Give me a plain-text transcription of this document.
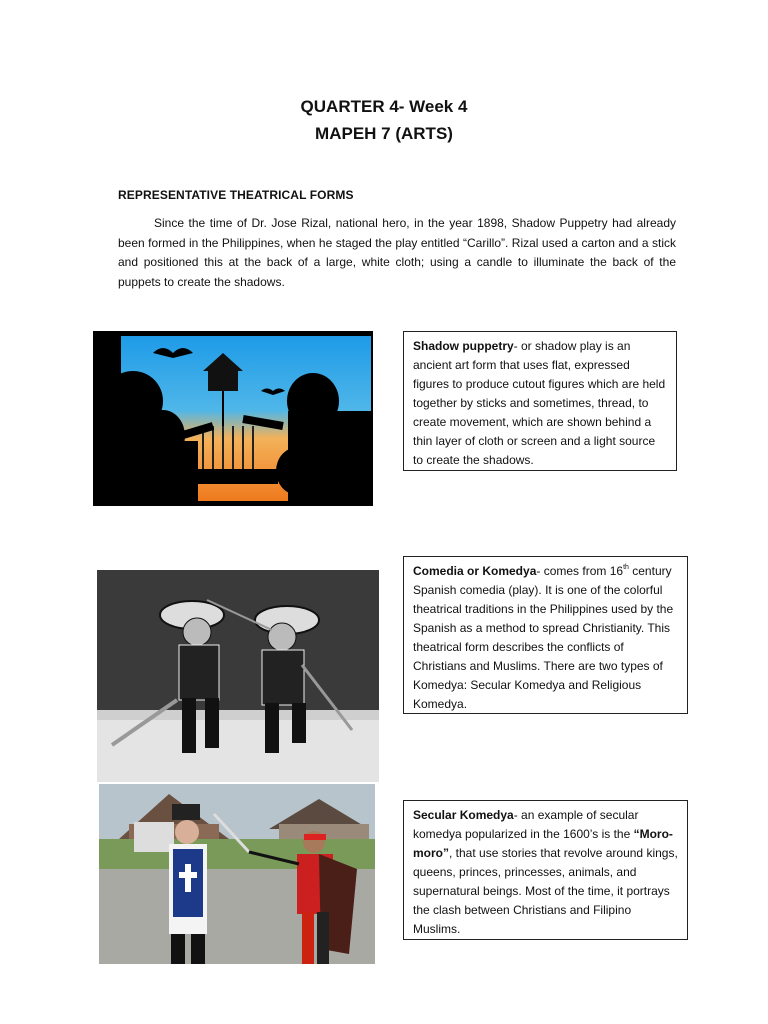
QUARTER 4- Week 4
MAPEH 7 (ARTS)
REPRESENTATIVE THEATRICAL FORMS
Since the time of Dr. Jose Rizal, national hero, in the year 1898, Shadow Puppetry had already been formed in the Philippines, when he staged the play entitled “Carillo”. Rizal used a carton and a stick and positioned this at the back of a large, white cloth; using a candle to illuminate the back of the puppets to create the shadows.
Shadow puppetry- or shadow play is an ancient art form that uses flat, expressed figures to produce cutout figures which are held together by sticks and sometimes, thread, to create movement, which are shown behind a thin layer of cloth or screen and a light source to create the shadows.
Comedia or Komedya- comes from 16th century Spanish comedia (play). It is one of the colorful theatrical traditions in the Philippines used by the Spanish as a method to spread Christianity. This theatrical form describes the conflicts of Christians and Muslims. There are two types of Komedya: Secular Komedya and Religious Komedya.
Secular Komedya- an example of secular komedya popularized in the 1600’s is the “Moro-moro”, that use stories that revolve around kings, queens, princes, princesses, animals, and supernatural beings. Most of the time, it portrays the clash between Christians and Filipino Muslims.
